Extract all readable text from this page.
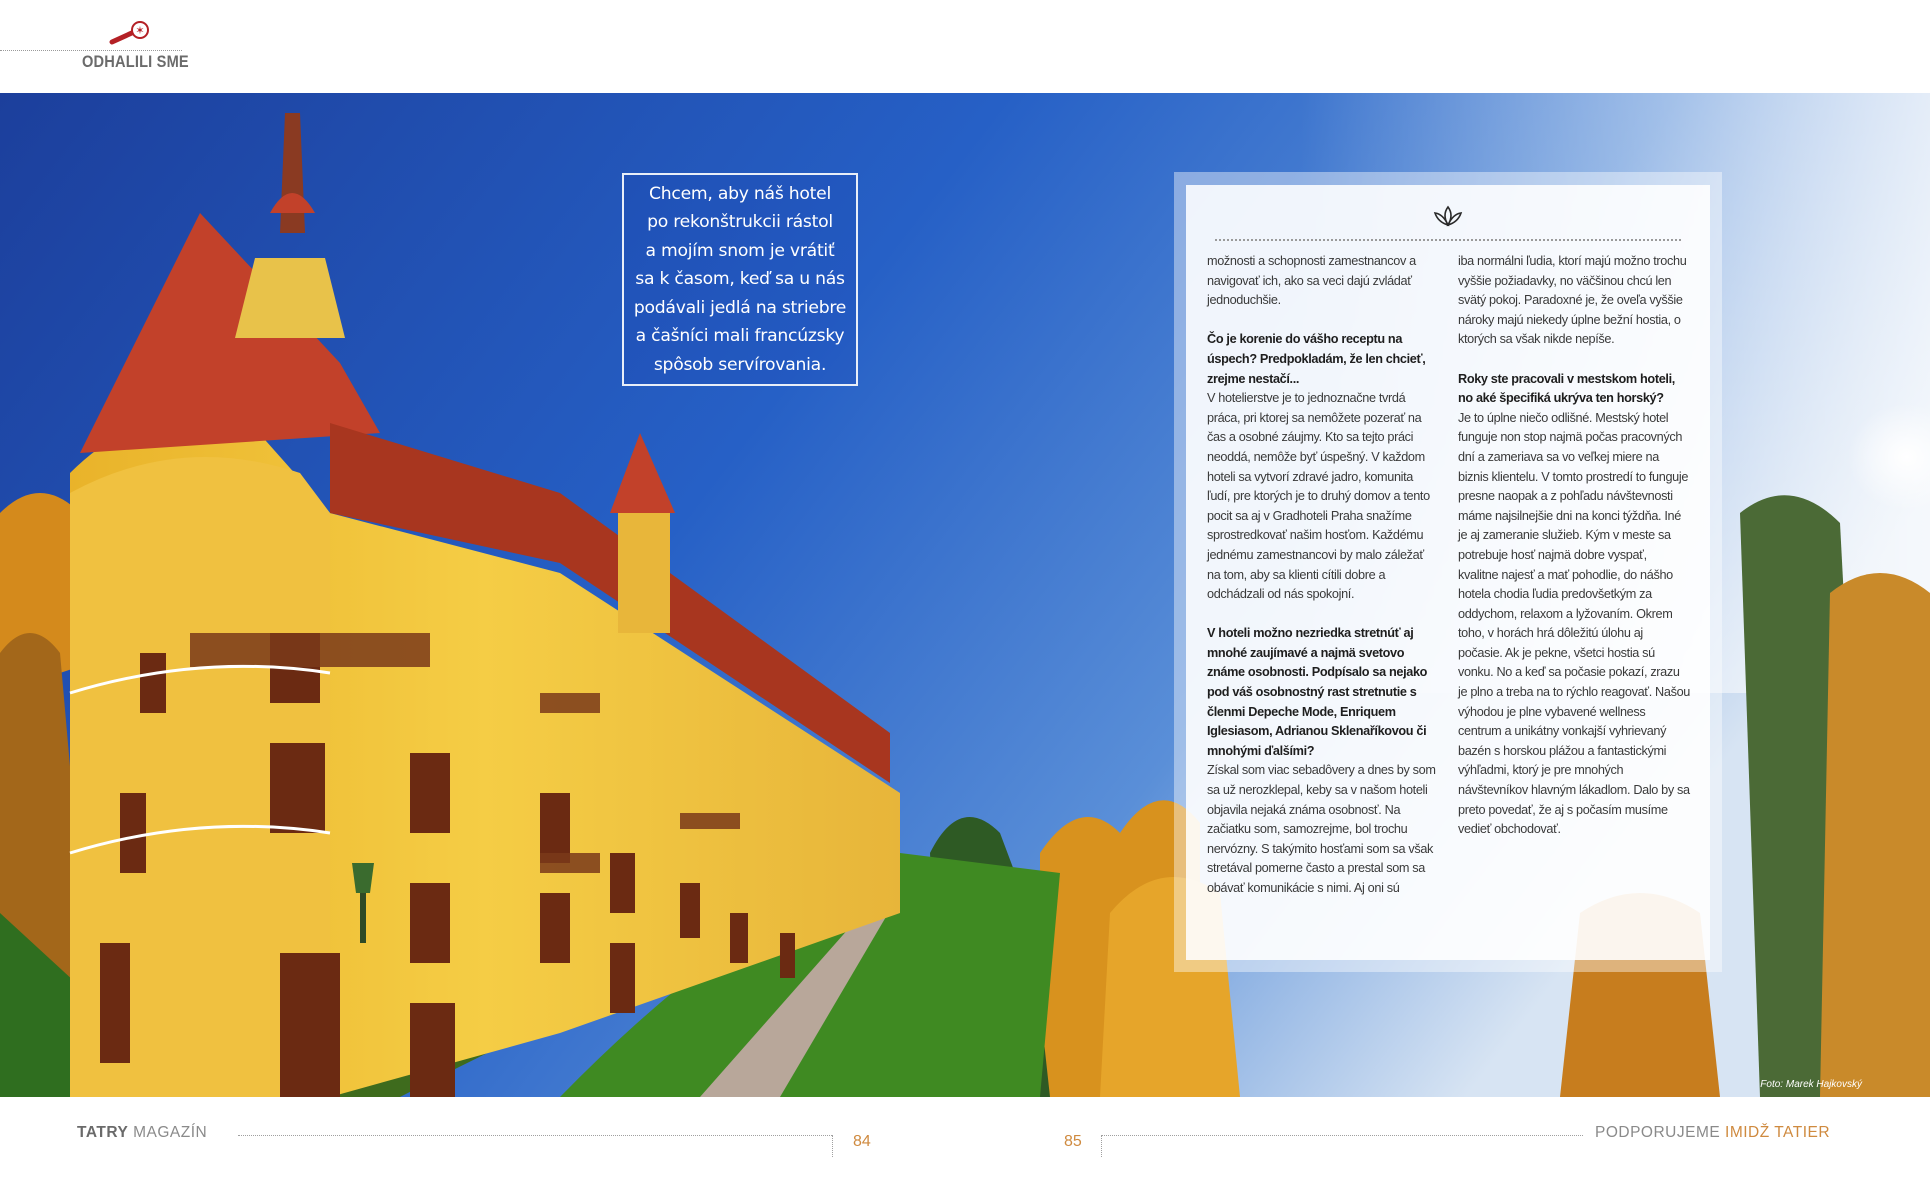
✶
ODHALILI SME
Foto: Marek Hajkovský

Chcem, aby náš hotel
po rekonštrukcii rástol
a mojím snom je vrátiť
sa k časom, keď sa u nás
podávali jedlá na striebre
a čašníci mali francúzsky
spôsob servírovania.

možnosti a schopnosti zamestnancov a navigovať ich, ako sa veci dajú zvládať jednoduchšie.

Čo je korenie do vášho receptu na úspech? Predpokladám, že len chcieť, zrejme nestačí...

V hotelierstve je to jednoznačne tvrdá práca, pri ktorej sa nemôžete pozerať na čas a osobné záujmy. Kto sa tejto práci neoddá, nemôže byť úspešný. V každom hoteli sa vytvorí zdravé jadro, komunita ľudí, pre ktorých je to druhý domov a tento pocit sa aj v Gradhoteli Praha snažíme sprostredkovať našim hosťom. Každému jednému zamestnancovi by malo záležať na tom, aby sa klienti cítili dobre a odchádzali od nás spokojní.

V hoteli možno nezriedka stretnúť aj mnohé zaujímavé a najmä svetovo známe osobnosti. Podpísalo sa nejako pod váš osobnostný rast stretnutie s členmi Depeche Mode, Enriquem Iglesiasom, Adrianou Sklenaříkovou či mnohými ďalšími?

Získal som viac sebadôvery a dnes by som sa už nerozklepal, keby sa v našom hoteli objavila nejaká známa osobnosť. Na začiatku som, samozrejme, bol trochu nervózny. S takýmito hosťami som sa však stretával pomerne často a prestal som sa obávať komunikácie s nimi. Aj oni sú

iba normálni ľudia, ktorí majú možno trochu vyššie požiadavky, no väčšinou chcú len svätý pokoj. Paradoxné je, že oveľa vyššie nároky majú niekedy úplne bežní hostia, o ktorých sa však nikde nepíše.

Roky ste pracovali v mestskom hoteli, no aké špecifiká ukrýva ten horský?

Je to úplne niečo odlišné. Mestský hotel funguje non stop najmä počas pracovných dní a zameriava sa vo veľkej miere na biznis klientelu. V tomto prostredí to funguje presne naopak a z pohľadu návštevnosti máme najsilnejšie dni na konci týždňa. Iné je aj zameranie služieb. Kým v meste sa potrebuje hosť najmä dobre vyspať, kvalitne najesť a mať pohodlie, do nášho hotela chodia ľudia predovšetkým za oddychom, relaxom a lyžovaním. Okrem toho, v horách hrá dôležitú úlohu aj počasie. Ak je pekne, všetci hostia sú vonku. No a keď sa počasie pokazí, zrazu je plno a treba na to rýchlo reagovať. Našou výhodou je plne vybavené wellness centrum a unikátny vonkajší vyhrievaný bazén s horskou plážou a fantastickými výhľadmi, ktorý je pre mnohých návštevníkov hlavným lákadlom. Dalo by sa preto povedať, že aj s počasím musíme vedieť obchodovať.

TATRY MAGAZÍN
84	85
PODPORUJEME IMIDŽ TATIER
